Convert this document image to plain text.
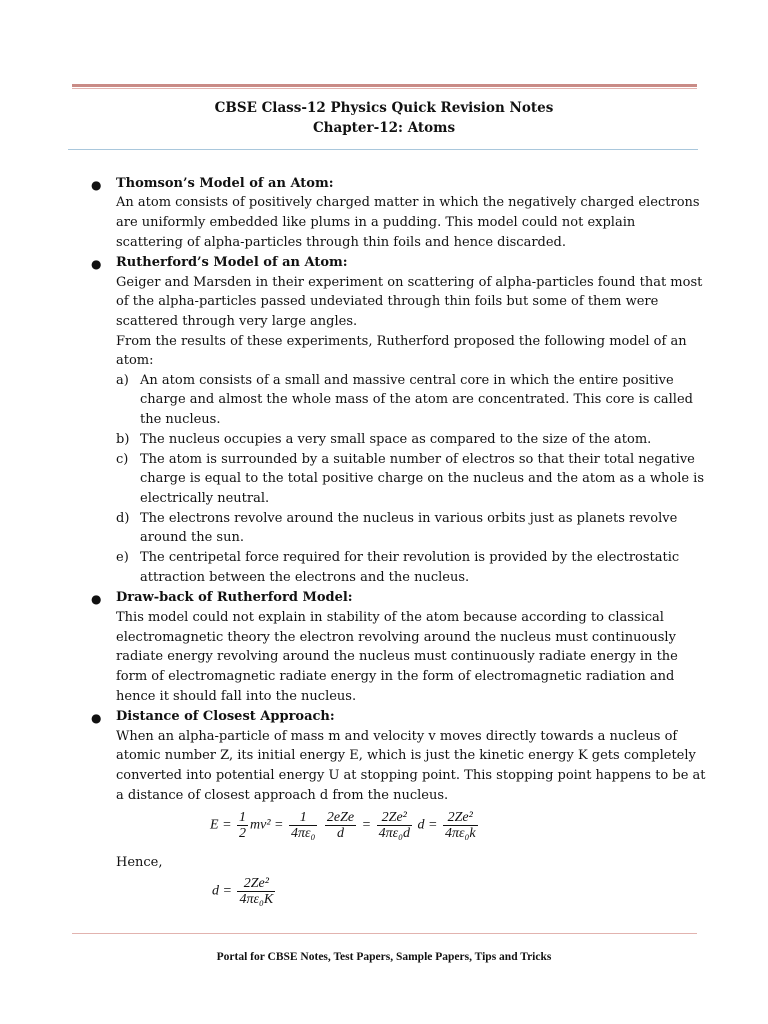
CBSE Class-12 Physics Quick Revision Notes
Chapter-12: Atoms
● Thomson’s Model of an Atom:
An atom consists of positively charged matter in which the negatively charged electrons
are uniformly embedded like plums in a pudding. This model could not explain
scattering of alpha-particles through thin foils and hence discarded.
● Rutherford’s Model of an Atom:
Geiger and Marsden in their experiment on scattering of alpha-particles found that most
of the alpha-particles passed undeviated through thin foils but some of them were
scattered through very large angles.
From the results of these experiments, Rutherford proposed the following model of an
atom:
a) An atom consists of a small and massive central core in which the entire positive
charge and almost the whole mass of the atom are concentrated. This core is called
the nucleus.
b) The nucleus occupies a very small space as compared to the size of the atom.
c) The atom is surrounded by a suitable number of electros so that their total negative
charge is equal to the total positive charge on the nucleus and the atom as a whole is
electrically neutral.
d) The electrons revolve around the nucleus in various orbits just as planets revolve
around the sun.
e) The centripetal force required for their revolution is provided by the electrostatic
attraction between the electrons and the nucleus.
● Draw-back of Rutherford Model:
This model could not explain in stability of the atom because according to classical
electromagnetic theory the electron revolving around the nucleus must continuously
radiate energy revolving around the nucleus must continuously radiate energy in the
form of electromagnetic radiate energy in the form of electromagnetic radiation and
hence it should fall into the nucleus.
● Distance of Closest Approach:
When an alpha-particle of mass m and velocity v moves directly towards a nucleus of
atomic number Z, its initial energy E, which is just the kinetic energy K gets completely
converted into potential energy U at stopping point. This stopping point happens to be at
a distance of closest approach d from the nucleus.
$E = \frac{1}{2} mv^2 = \frac{1}{\text{4πε₀}}$
$\frac{\text{2eZe}}{d} = \frac{\text{2Ze²}}{\text{4πε₀d}}$ $d = \frac{\text{2Ze²}}{\text{4πε₀k}}$
Hence,
$d = \frac{\text{2Ze²}}{\text{4πε₀K}}$
Portal for CBSE Notes, Test Papers, Sample Papers, Tips and Tricks
